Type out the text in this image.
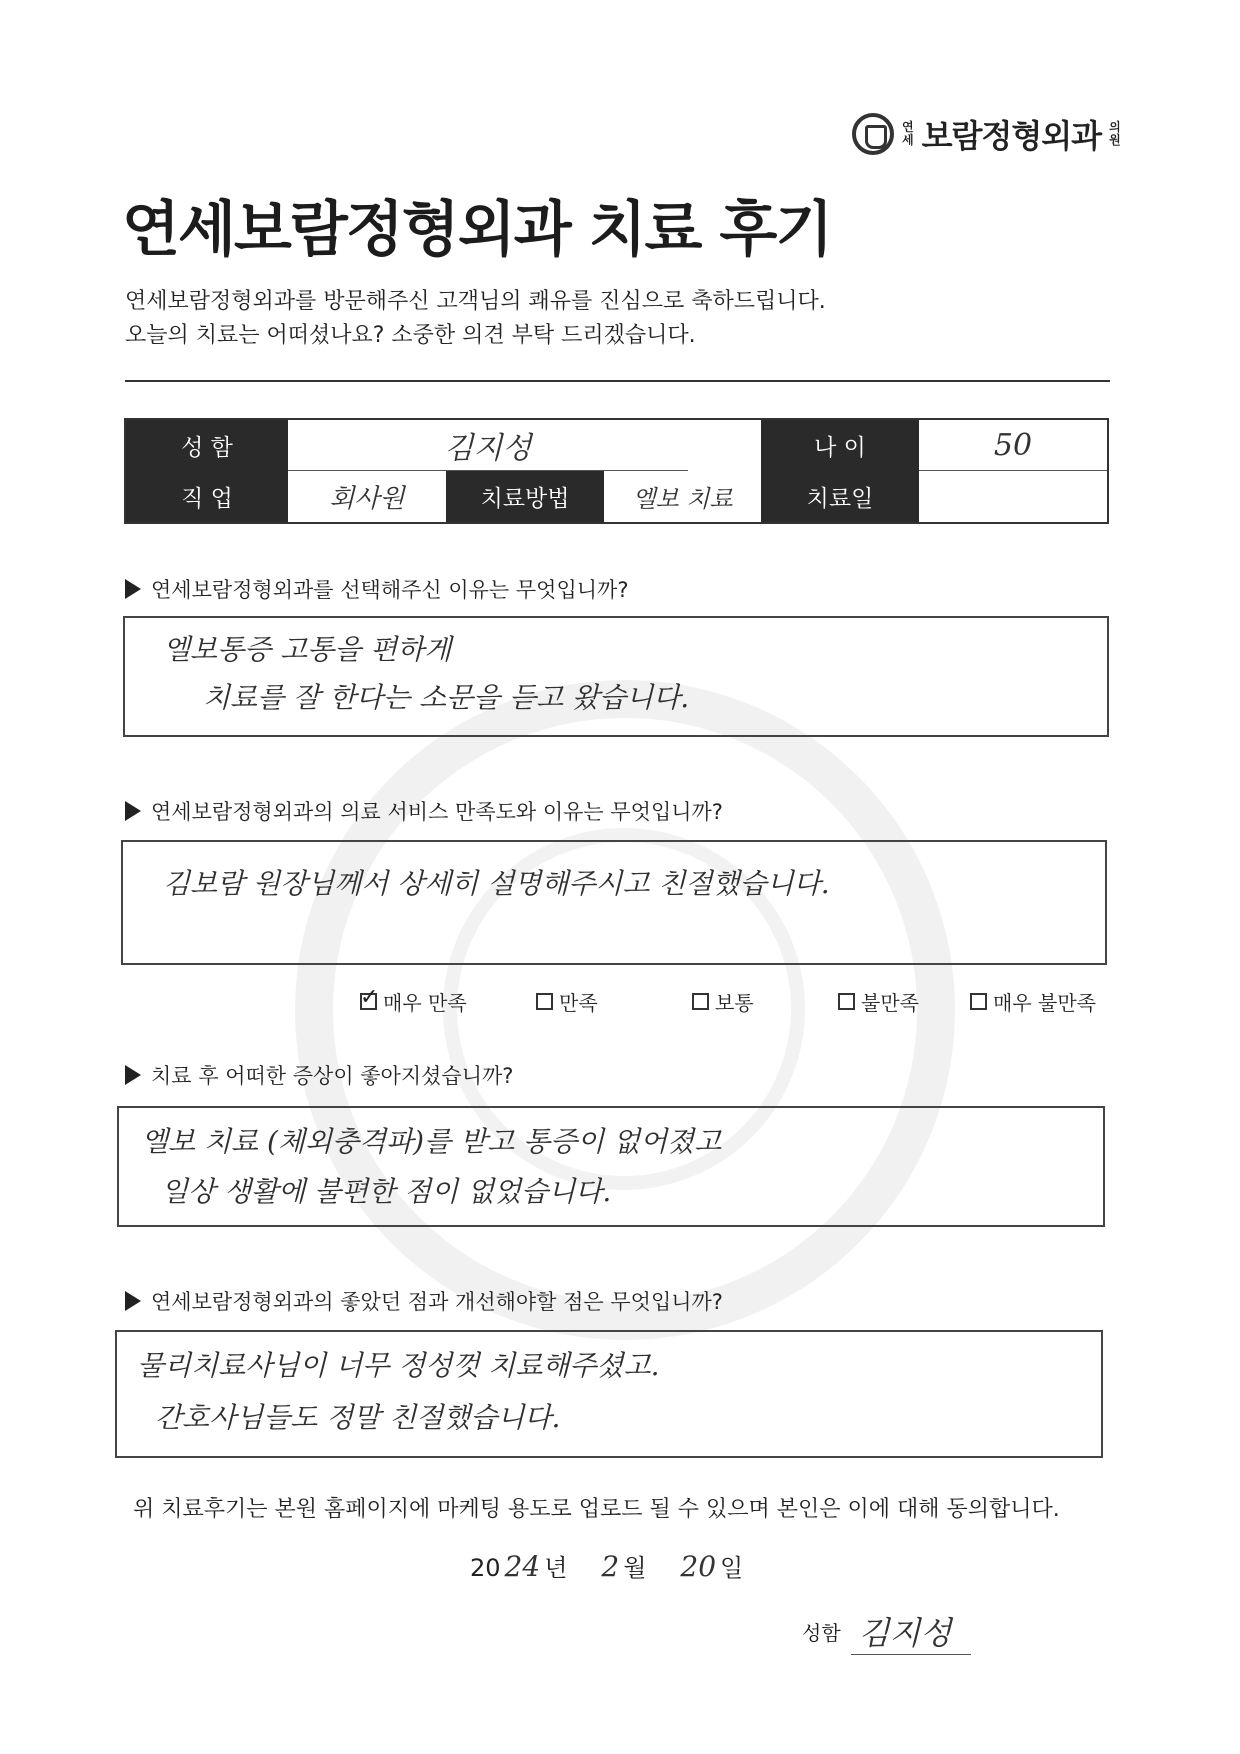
연
세 보람정형외과 의
원
연세보람정형외과 치료 후기
연세보람정형외과를 방문해주신 고객님의 쾌유를 진심으로 축하드립니다.
오늘의 치료는 어떠셨나요? 소중한 의견 부탁 드리겠습니다.
성 함	김지성	나 이	50
직 업	회사원	치료방법	엘보 치료	치료일
연세보람정형외과를 선택해주신 이유는 무엇입니까?
엘보통증 고통을 편하게
치료를 잘 한다는 소문을 듣고 왔습니다.
연세보람정형외과의 의료 서비스 만족도와 이유는 무엇입니까?
김보람 원장님께서 상세히 설명해주시고 친절했습니다.
✓
매우 만족	만족	보통	불만족	매우 불만족
치료 후 어떠한 증상이 좋아지셨습니까?
엘보 치료 (체외충격파)를 받고 통증이 없어졌고
일상 생활에 불편한 점이 없었습니다.
연세보람정형외과의 좋았던 점과 개선해야할 점은 무엇입니까?
물리치료사님이 너무 정성껏 치료해주셨고.
간호사님들도 정말 친절했습니다.
위 치료후기는 본원 홈페이지에 마케팅 용도로 업로드 될 수 있으며 본인은 이에 대해 동의합니다.
20 24 년 2 월 20 일
성함 김지성
